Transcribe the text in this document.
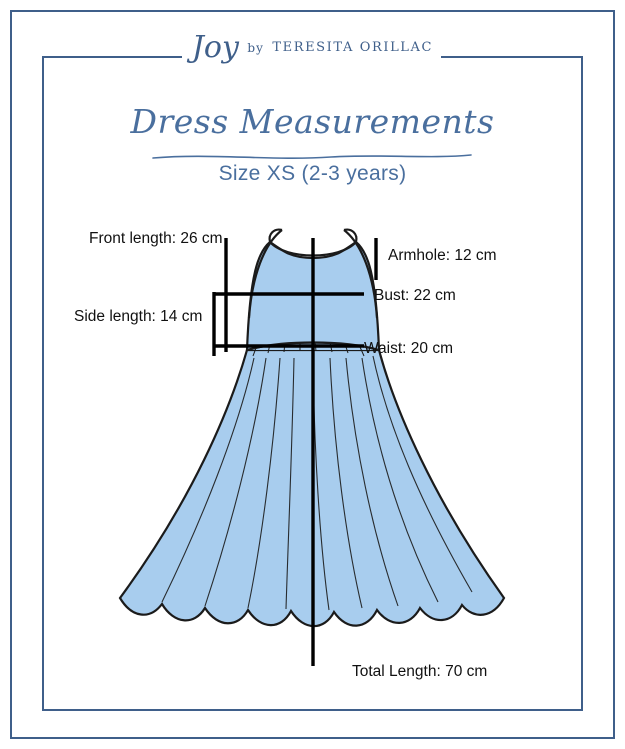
Joy by TERESITA ORILLAC
Dress Measurements
Size XS (2-3 years)
Front length: 26 cm
Side length: 14 cm
Armhole: 12 cm
Bust: 22 cm
Waist: 20 cm
Total Length: 70 cm
